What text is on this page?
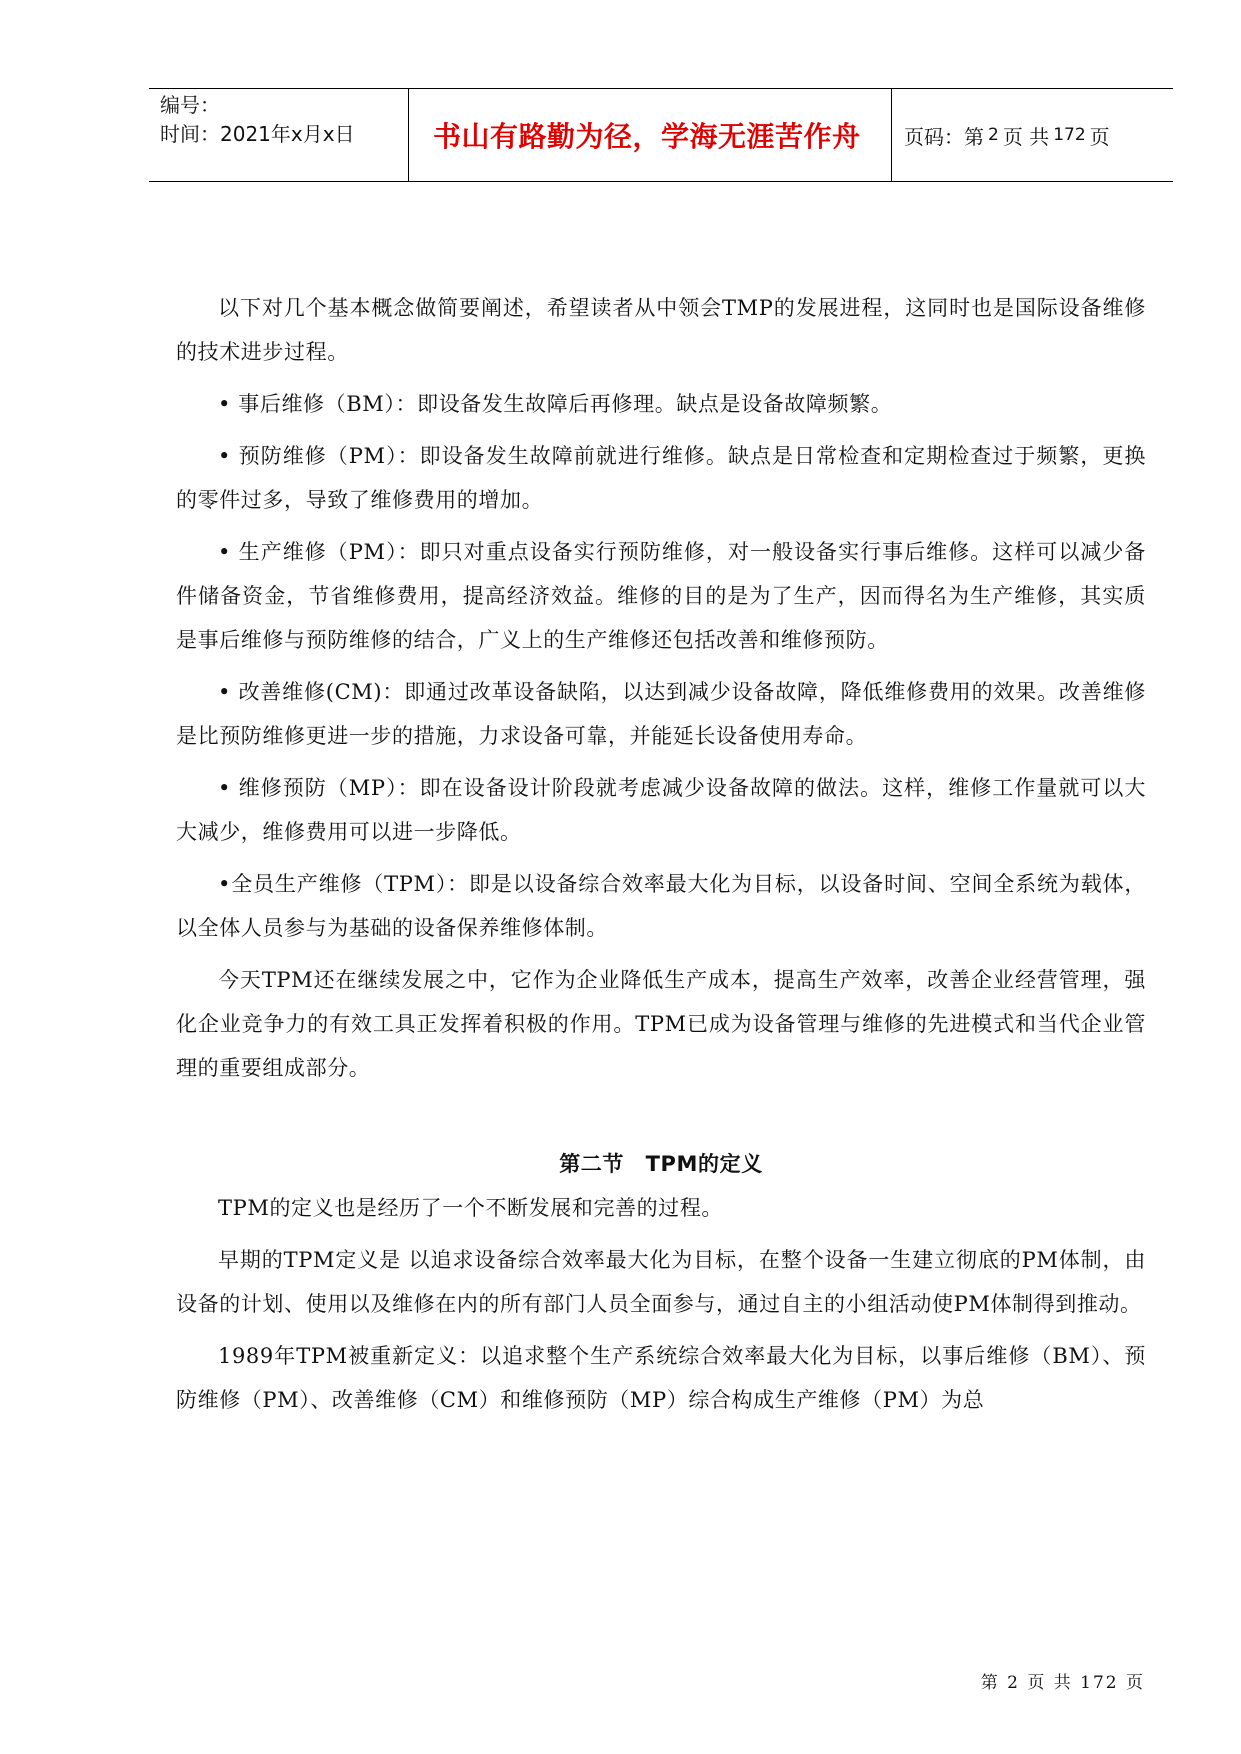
编号：
时间：2021年x月x日	书山有路勤为径，学海无涯苦作舟	页码：第 2 页 共 172 页

以下对几个基本概念做简要阐述，希望读者从中领会TMP的发展进程，这同时也是国际设备维修的技术进步过程。

• 事后维修（BM）：即设备发生故障后再修理。缺点是设备故障频繁。

• 预防维修（PM）：即设备发生故障前就进行维修。缺点是日常检查和定期检查过于频繁，更换的零件过多，导致了维修费用的增加。

• 生产维修（PM）：即只对重点设备实行预防维修，对一般设备实行事后维修。这样可以减少备件储备资金，节省维修费用，提高经济效益。维修的目的是为了生产，因而得名为生产维修，其实质是事后维修与预防维修的结合，广义上的生产维修还包括改善和维修预防。

• 改善维修(CM)：即通过改革设备缺陷，以达到减少设备故障，降低维修费用的效果。改善维修是比预防维修更进一步的措施，力求设备可靠，并能延长设备使用寿命。

• 维修预防（MP）：即在设备设计阶段就考虑减少设备故障的做法。这样，维修工作量就可以大大减少，维修费用可以进一步降低。

•全员生产维修（TPM）：即是以设备综合效率最大化为目标，以设备时间、空间全系统为载体，以全体人员参与为基础的设备保养维修体制。

今天TPM还在继续发展之中，它作为企业降低生产成本，提高生产效率，改善企业经营管理，强化企业竞争力的有效工具正发挥着积极的作用。TPM已成为设备管理与维修的先进模式和当代企业管理的重要组成部分。

第二节　TPM的定义

TPM的定义也是经历了一个不断发展和完善的过程。

早期的TPM定义是 以追求设备综合效率最大化为目标，在整个设备一生建立彻底的PM体制，由设备的计划、使用以及维修在内的所有部门人员全面参与，通过自主的小组活动使PM体制得到推动。

1989年TPM被重新定义：以追求整个生产系统综合效率最大化为目标，以事后维修（BM）、预防维修（PM）、改善维修（CM）和维修预防（MP）综合构成生产维修（PM）为总

第 2 页 共 172 页
